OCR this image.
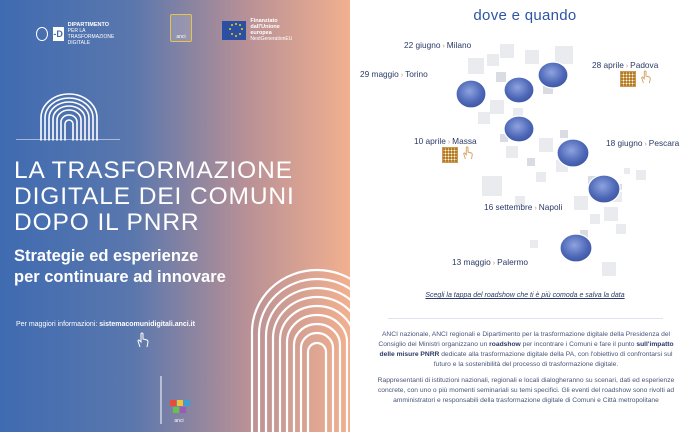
-D
DIPARTIMENTO
PER LA TRASFORMAZIONE
DIGITALE
anci
Finanziato
dall'Unione europea
NextGenerationEU
LA TRASFORMAZIONE
DIGITALE DEI COMUNI
DOPO IL PNRR
Strategie ed esperienze
per continuare ad innovare
Per maggiori informazioni: sistemacomunidigitali.anci.it
anci
dove e quando
22 giugno › Milano
29 maggio › Torino
28 aprile › Padova
10 aprile › Massa	18 giugno › Pescara
16 settembre › Napoli
13 maggio › Palermo
Scegli la tappa del roadshow che ti è più comoda e salva la data

ANCI nazionale, ANCI regionali e Dipartimento per la trasformazione digitale della Presidenza del Consiglio dei Ministri organizzano un roadshow per incontrare i Comuni e fare il punto sull'impatto delle misure PNRR dedicate alla trasformazione digitale della PA, con l'obiettivo di confrontarsi sul futuro e la sostenibilità del processo di trasformazione digitale.

Rappresentanti di istituzioni nazionali, regionali e locali dialogheranno su scenari, dati ed esperienze concrete, con uno o più momenti seminariali su temi specifici. Gli eventi del roadshow sono rivolti ad amministratori e responsabili della trasformazione digitale di Comuni e Città metropolitane
